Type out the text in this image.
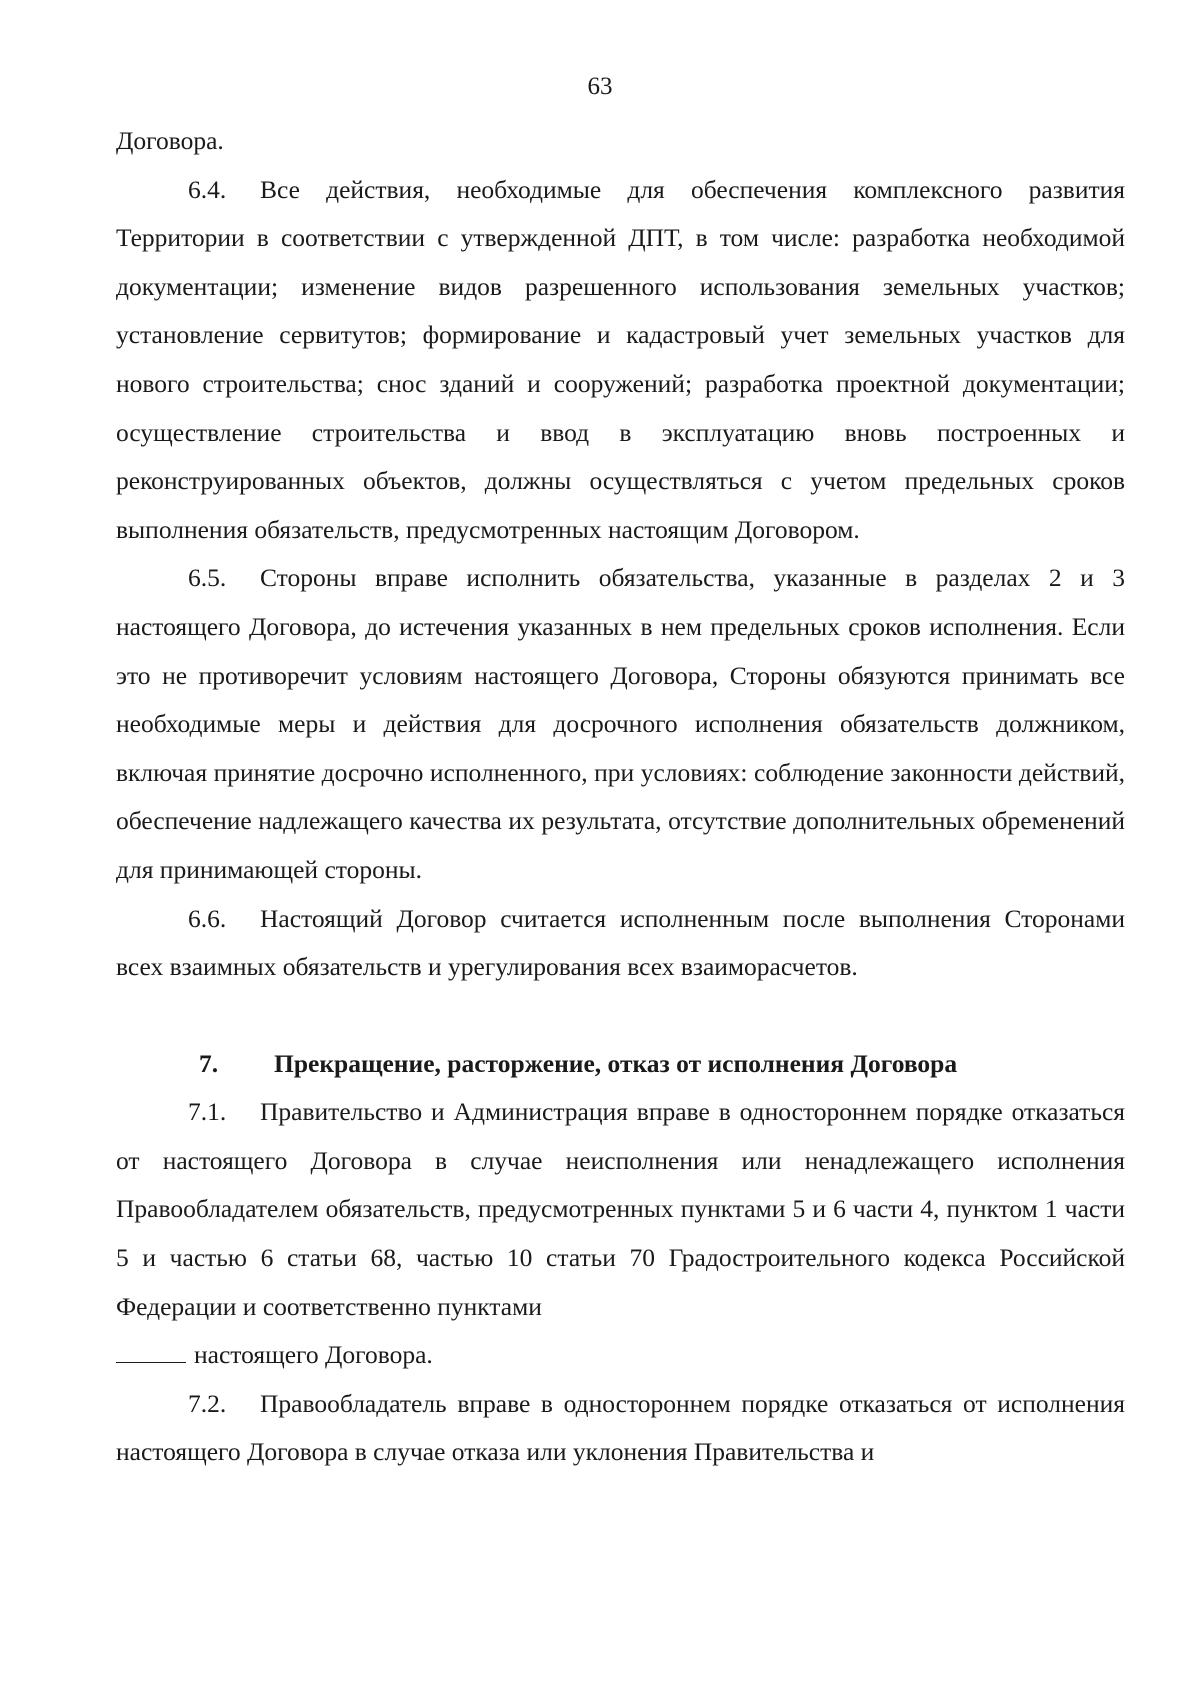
63

Договора.

6.4. Все действия, необходимые для обеспечения комплексного развития Территории в соответствии с утвержденной ДПТ, в том числе: разработка необходимой документации; изменение видов разрешенного использования земельных участков; установление сервитутов; формирование и кадастровый учет земельных участков для нового строительства; снос зданий и сооружений; разработка проектной документации; осуществление строительства и ввод в эксплуатацию вновь построенных и реконструированных объектов, должны осуществляться с учетом предельных сроков выполнения обязательств, предусмотренных настоящим Договором.

6.5. Стороны вправе исполнить обязательства, указанные в разделах 2 и 3 настоящего Договора, до истечения указанных в нем предельных сроков исполнения. Если это не противоречит условиям настоящего Договора, Стороны обязуются принимать все необходимые меры и действия для досрочного исполнения обязательств должником, включая принятие досрочно исполненного, при условиях: соблюдение законности действий, обеспечение надлежащего качества их результата, отсутствие дополнительных обременений для принимающей стороны.

6.6. Настоящий Договор считается исполненным после выполнения Сторонами всех взаимных обязательств и урегулирования всех взаиморасчетов.

7. Прекращение, расторжение, отказ от исполнения Договора

7.1. Правительство и Администрация вправе в одностороннем порядке отказаться от настоящего Договора в случае неисполнения или ненадлежащего исполнения Правообладателем обязательств, предусмотренных пунктами 5 и 6 части 4, пунктом 1 части 5 и частью 6 статьи 68, частью 10 статьи 70 Градостроительного кодекса Российской Федерации и соответственно пунктами

настоящего Договора.

7.2. Правообладатель вправе в одностороннем порядке отказаться от исполнения настоящего Договора в случае отказа или уклонения Правительства и
